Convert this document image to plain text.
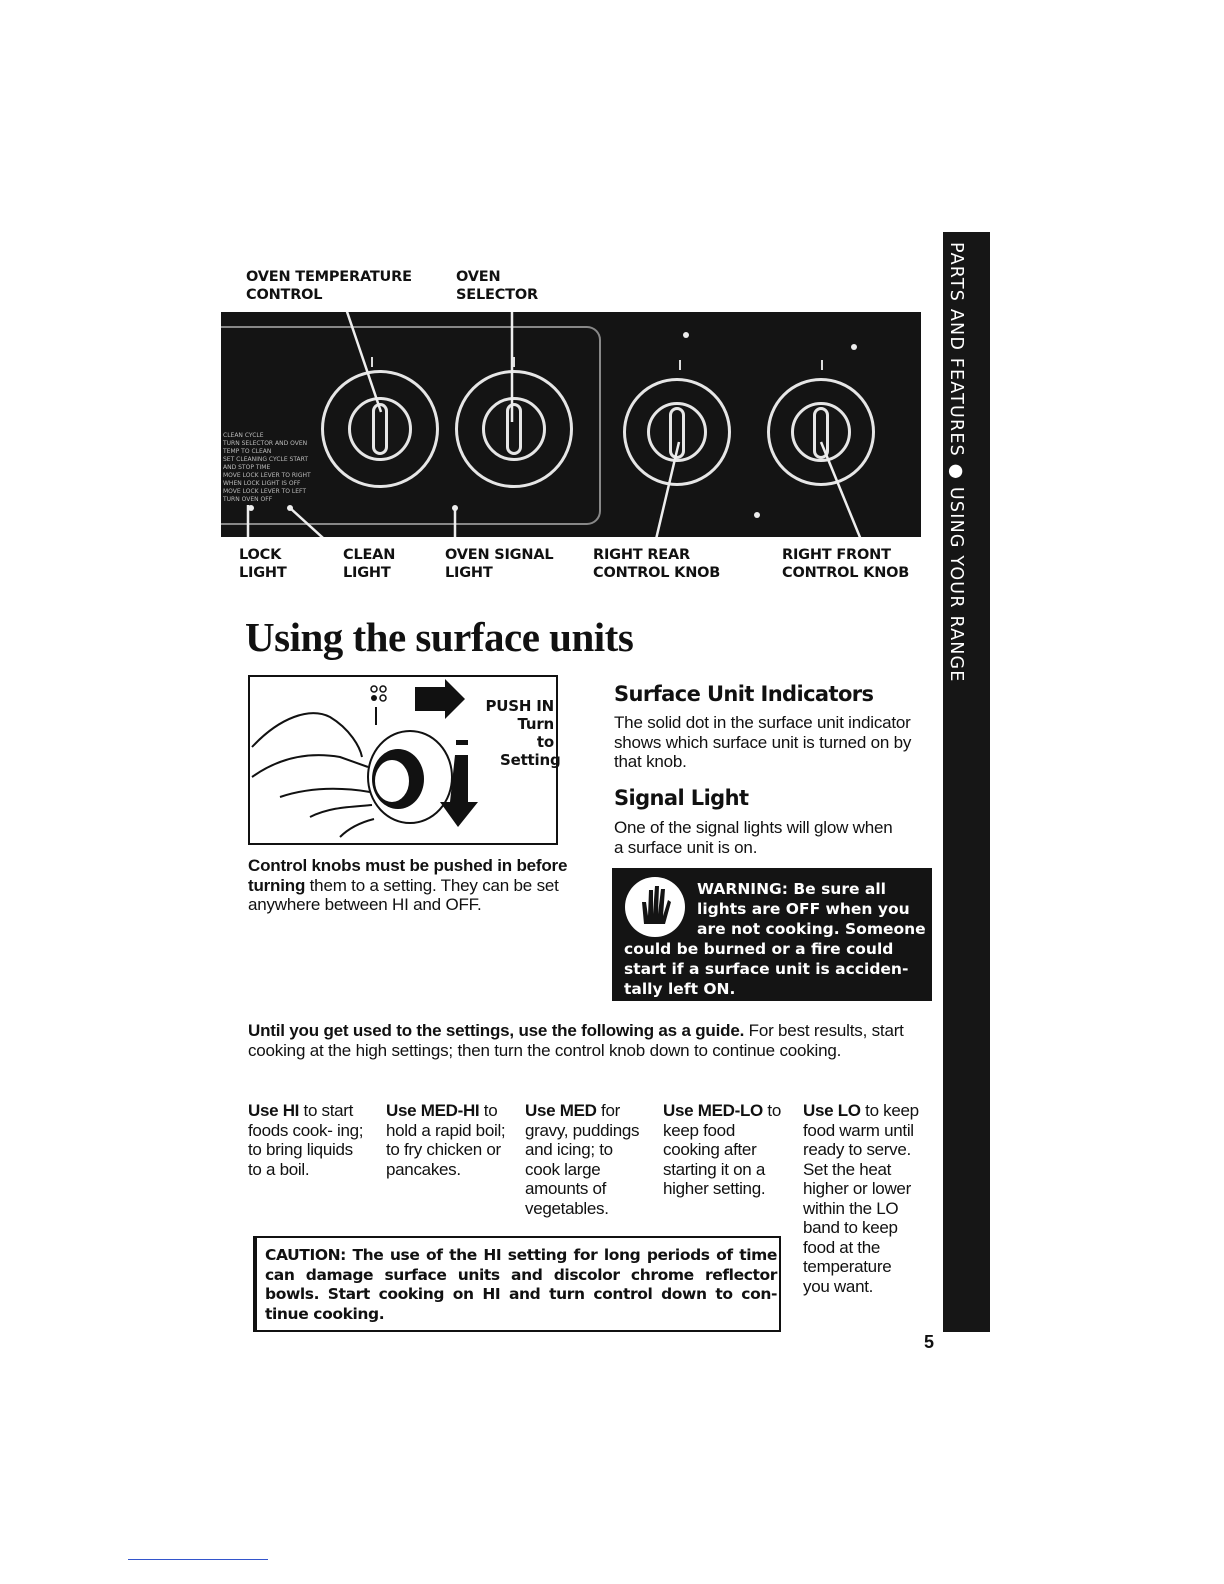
PARTS AND FEATURES ● USING YOUR RANGE
OVEN TEMPERATURE
CONTROL
OVEN
SELECTOR
CLEAN CYCLE
TURN SELECTOR AND OVEN
TEMP TO CLEAN
SET CLEANING CYCLE START
AND STOP TIME
MOVE LOCK LEVER TO RIGHT
WHEN LOCK LIGHT IS OFF
MOVE LOCK LEVER TO LEFT
TURN OVEN OFF
LOCK
LIGHT
CLEAN
LIGHT
OVEN SIGNAL
LIGHT
RIGHT REAR
CONTROL KNOB
RIGHT FRONT
CONTROL KNOB
Using the surface units
PUSH IN
Turn to
Setting
Control knobs must be pushed in before turning them to a setting. They can be set anywhere between HI and OFF.
Surface Unit Indicators
The solid dot in the surface unit indicator shows which surface unit is turned on by that knob.
Signal Light
One of the signal lights will glow when a surface unit is on.
WARNING: Be sure all
lights are OFF when you
are not cooking. Someone
could be burned or a fire could
start if a surface unit is acciden-
tally left ON.
Until you get used to the settings, use the following as a guide. For best results, start cooking at the high settings; then turn the control knob down to continue cooking.
Use HI to start foods cook- ing; to bring liquids to a boil.
Use MED-HI to hold a rapid boil; to fry chicken or pancakes.
Use MED for gravy, puddings and icing; to cook large amounts of vegetables.
Use MED-LO to keep food cooking after starting it on a higher setting.
Use LO to keep food warm until ready to serve. Set the heat higher or lower within the LO band to keep food at the temperature you want.
CAUTION: The use of the HI setting for long periods of time can damage surface units and discolor chrome reflector bowls. Start cooking on HI and turn control down to con- tinue cooking.
5
